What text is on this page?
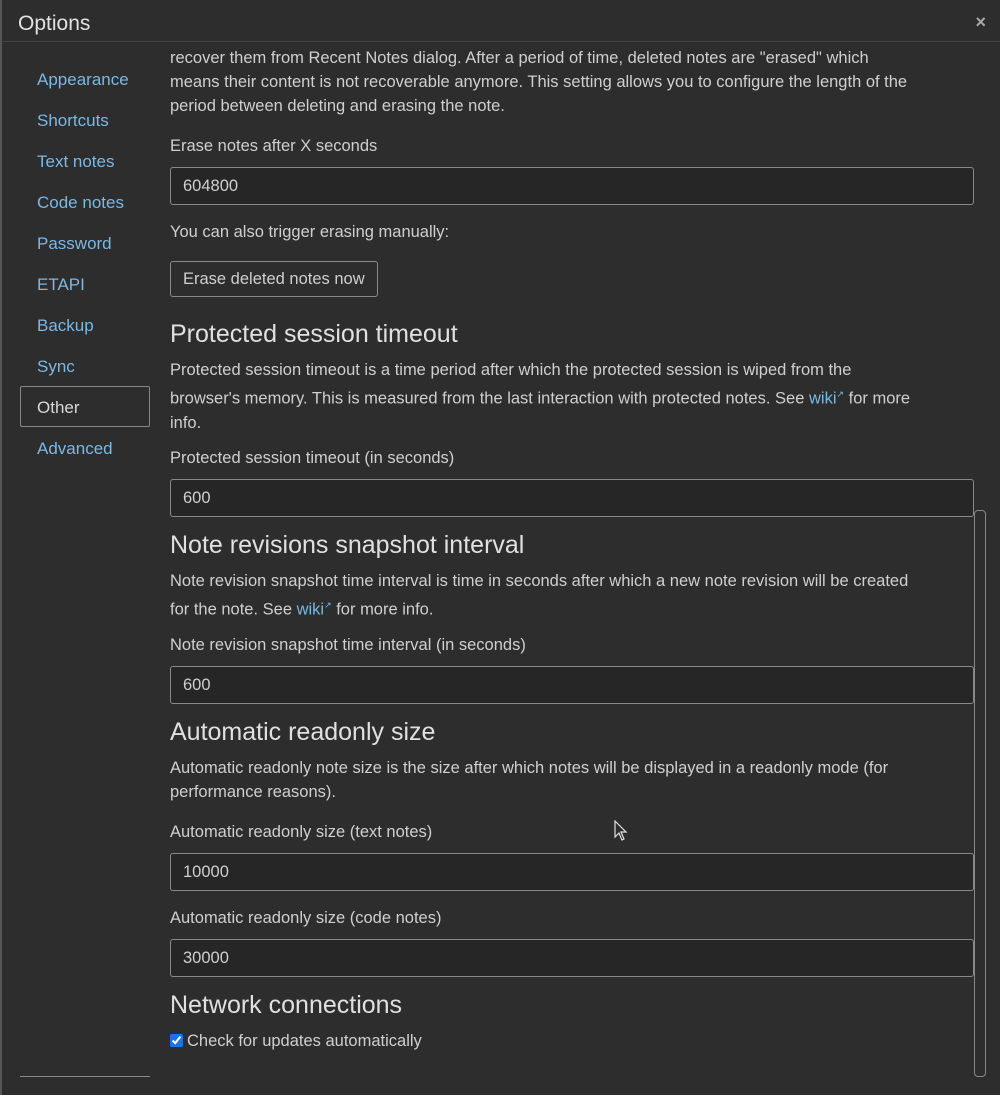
Options	×
Appearance
Shortcuts
Text notes
Code notes
Password
ETAPI
Backup
Sync
Other
Advanced
recover them from Recent Notes dialog. After a period of time, deleted notes are "erased" which
means their content is not recoverable anymore. This setting allows you to configure the length of the
period between deleting and erasing the note.
Erase notes after X seconds
604800
You can also trigger erasing manually:
Erase deleted notes now
Protected session timeout
Protected session timeout is a time period after which the protected session is wiped from the
browser's memory. This is measured from the last interaction with protected notes. See wiki↗ for more
info.
Protected session timeout (in seconds)
600
Note revisions snapshot interval
Note revision snapshot time interval is time in seconds after which a new note revision will be created
for the note. See wiki↗ for more info.
Note revision snapshot time interval (in seconds)
600
Automatic readonly size
Automatic readonly note size is the size after which notes will be displayed in a readonly mode (for
performance reasons).
Automatic readonly size (text notes)
10000
Automatic readonly size (code notes)
30000
Network connections
Check for updates automatically
